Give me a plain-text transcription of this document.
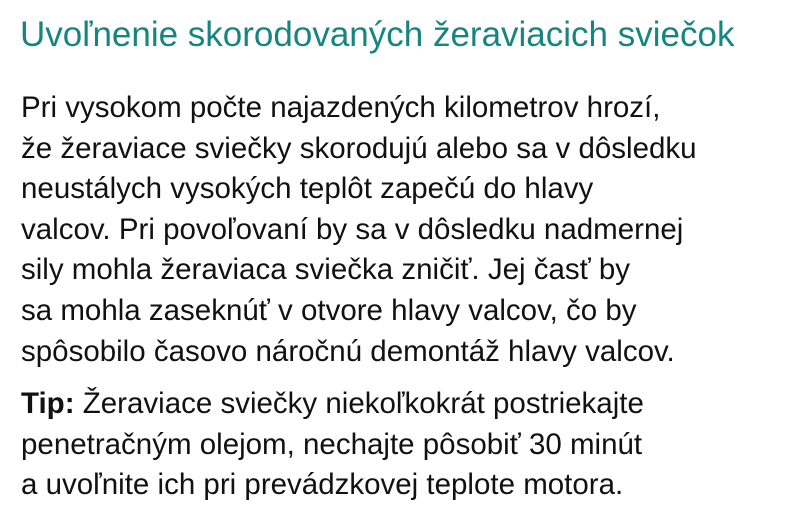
Uvoľnenie skorodovaných žeraviacich sviečok
Pri vysokom počte najazdených kilometrov hrozí,
že žeraviace sviečky skorodujú alebo sa v dôsledku
neustálych vysokých teplôt zapečú do hlavy
valcov. Pri povoľovaní by sa v dôsledku nadmernej
sily mohla žeraviaca sviečka zničiť. Jej časť by
sa mohla zaseknúť v otvore hlavy valcov, čo by
spôsobilo časovo náročnú demontáž hlavy valcov.
Tip: Žeraviace sviečky niekoľkokrát postriekajte
penetračným olejom, nechajte pôsobiť 30 minút
a uvoľnite ich pri prevádzkovej teplote motora.
